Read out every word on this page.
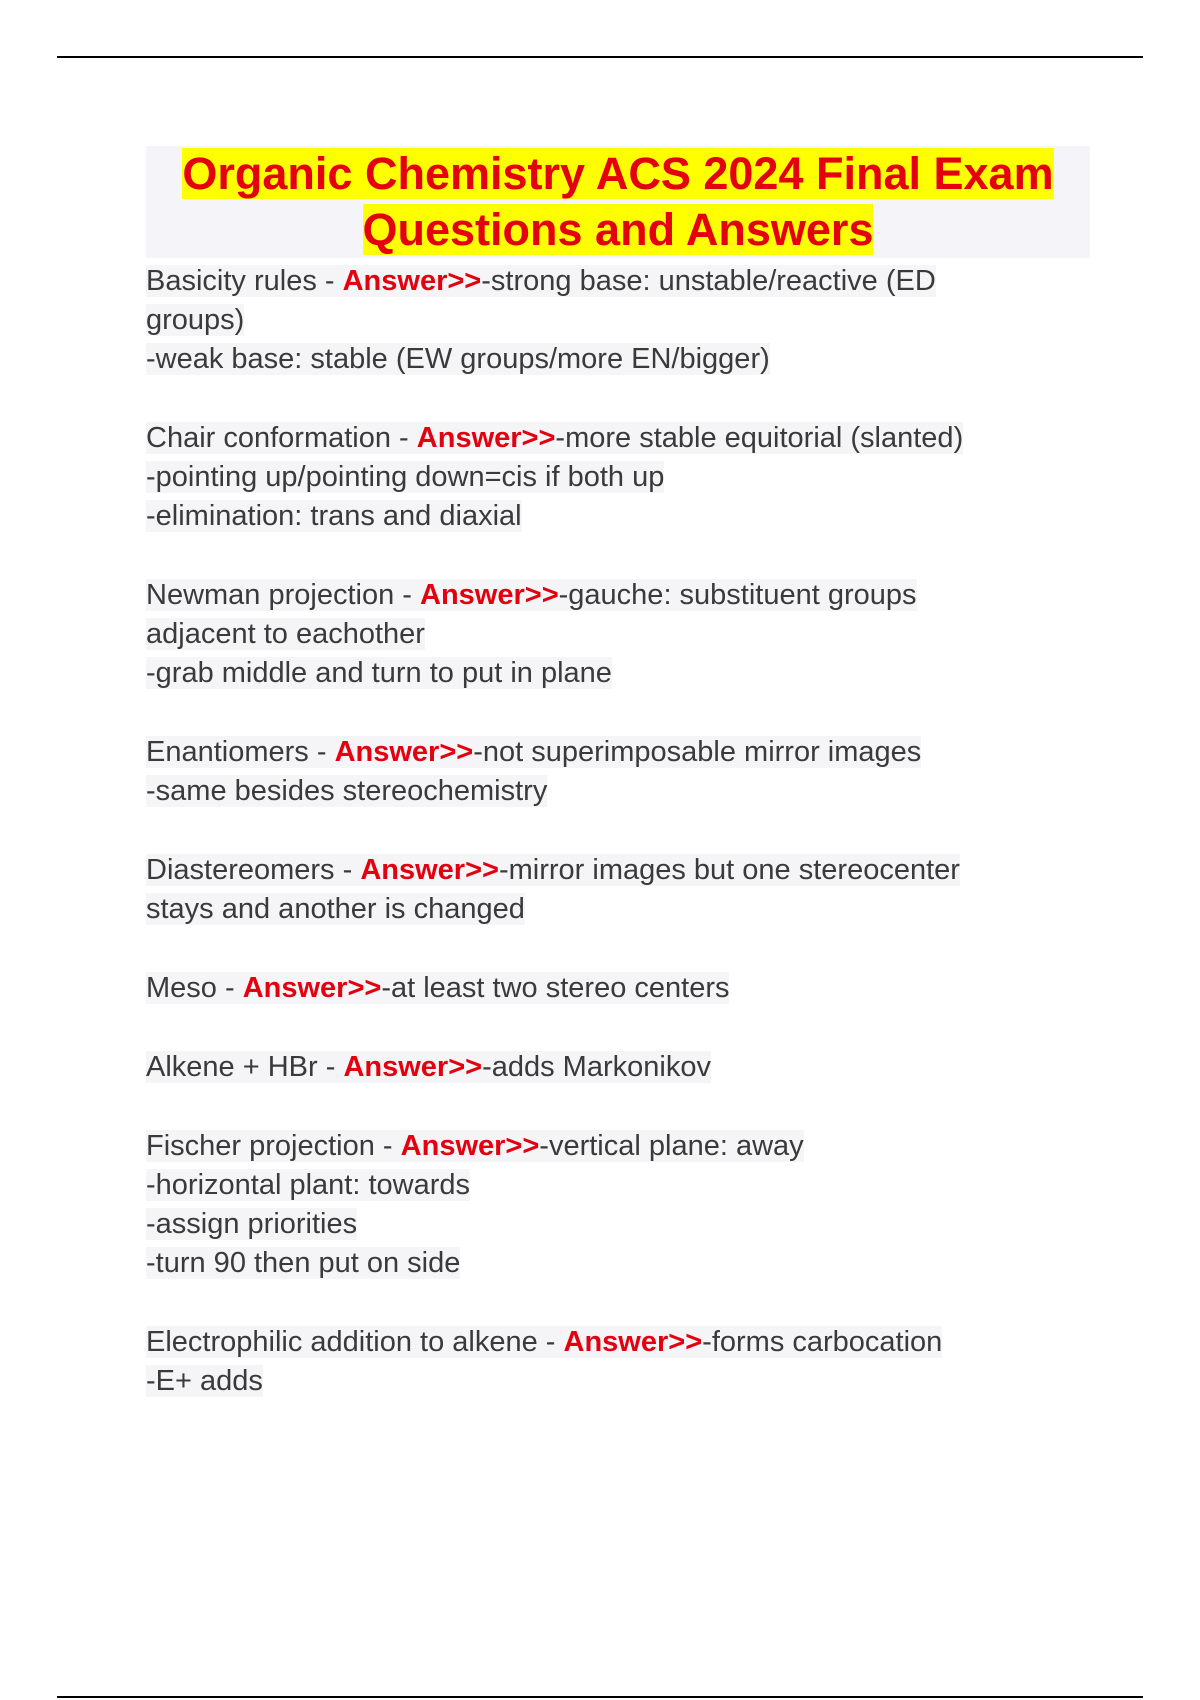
Organic Chemistry ACS 2024 Final Exam
Questions and Answers
Basicity rules - Answer>>-strong base: unstable/reactive (ED
groups)
-weak base: stable (EW groups/more EN/bigger)
Chair conformation - Answer>>-more stable equitorial (slanted)
-pointing up/pointing down=cis if both up
-elimination: trans and diaxial
Newman projection - Answer>>-gauche: substituent groups
adjacent to eachother
-grab middle and turn to put in plane
Enantiomers - Answer>>-not superimposable mirror images
-same besides stereochemistry
Diastereomers - Answer>>-mirror images but one stereocenter
stays and another is changed
Meso - Answer>>-at least two stereo centers
Alkene + HBr - Answer>>-adds Markonikov
Fischer projection - Answer>>-vertical plane: away
-horizontal plant: towards
-assign priorities
-turn 90 then put on side
Electrophilic addition to alkene - Answer>>-forms carbocation
-E+ adds
